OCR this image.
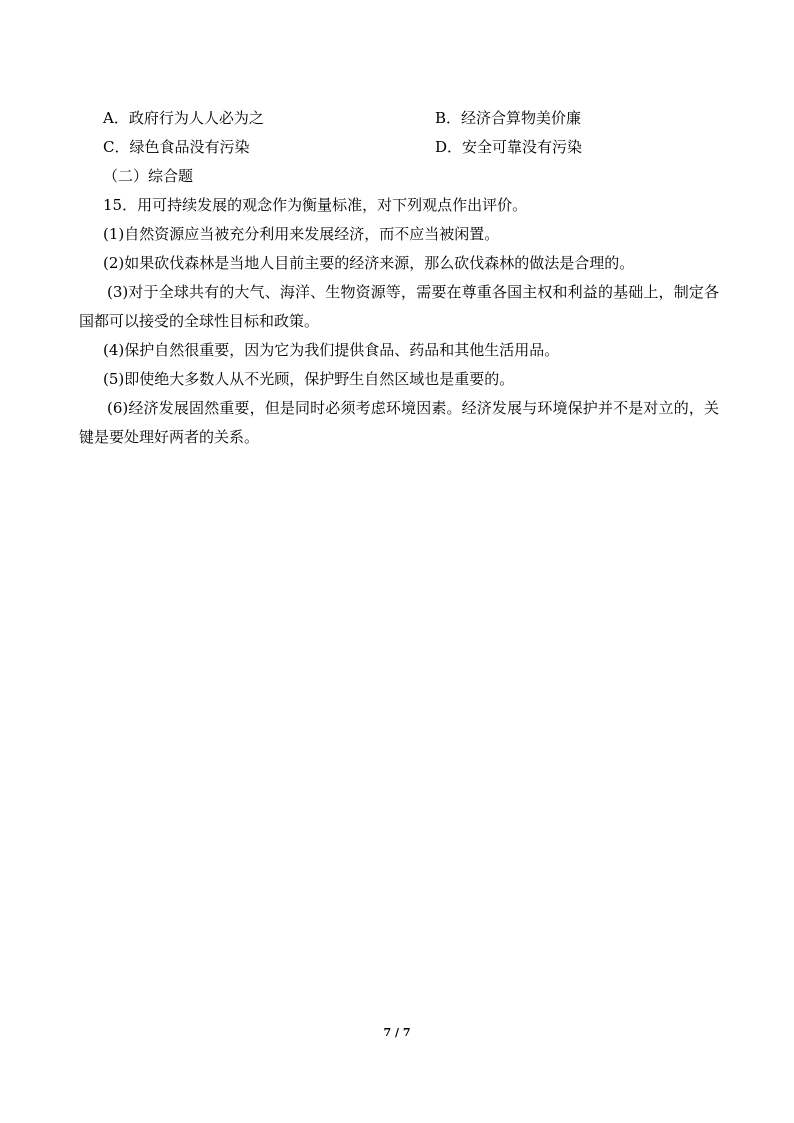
A．政府行为人人必为之	B．经济合算物美价廉
C．绿色食品没有污染	D．安全可靠没有污染
（二）综合题
15．用可持续发展的观念作为衡量标准，对下列观点作出评价。
(1)自然资源应当被充分利用来发展经济，而不应当被闲置。
(2)如果砍伐森林是当地人目前主要的经济来源，那么砍伐森林的做法是合理的。
(3)对于全球共有的大气、海洋、生物资源等，需要在尊重各国主权和利益的基础上，制定各国都可以接受的全球性目标和政策。
(4)保护自然很重要，因为它为我们提供食品、药品和其他生活用品。
(5)即使绝大多数人从不光顾，保护野生自然区域也是重要的。
(6)经济发展固然重要，但是同时必须考虑环境因素。经济发展与环境保护并不是对立的，关键是要处理好两者的关系。
7 / 7
